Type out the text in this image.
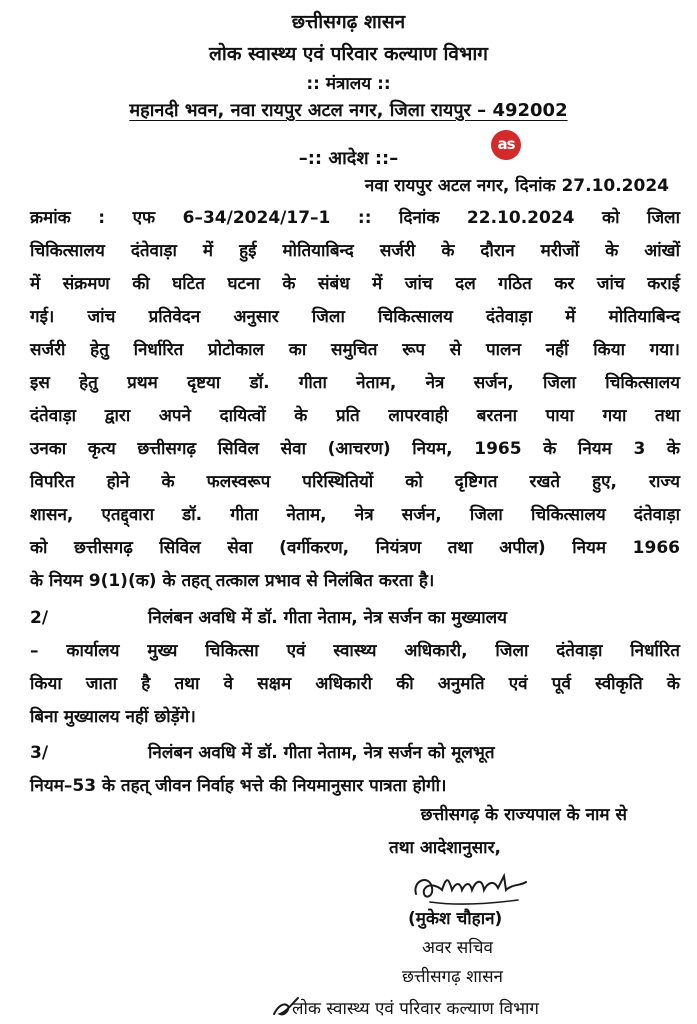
छत्तीसगढ़ शासन
लोक स्वास्थ्य एवं परिवार कल्याण विभाग
:: मंत्रालय ::
महानदी भवन, नवा रायपुर अटल नगर, जिला रायपुर – 492002
as
–:: आदेश ::–
नवा रायपुर अटल नगर, दिनांक 27.10.2024
क्रमांक : एफ 6–34/2024/17–1 :: दिनांक 22.10.2024 को जिला
चिकित्सालय दंतेवाड़ा में हुई मोतियाबिन्द सर्जरी के दौरान मरीजों के आंखों
में संक्रमण की घटित घटना के संबंध में जांच दल गठित कर जांच कराई
गई। जांच प्रतिवेदन अनुसार जिला चिकित्सालय दंतेवाड़ा में मोतियाबिन्द
सर्जरी हेतु निर्धारित प्रोटोकाल का समुचित रूप से पालन नहीं किया गया।
इस हेतु प्रथम दृष्टया डॉ. गीता नेताम, नेत्र सर्जन, जिला चिकित्सालय
दंतेवाड़ा द्वारा अपने दायित्वों के प्रति लापरवाही बरतना पाया गया तथा
उनका कृत्य छत्तीसगढ़ सिविल सेवा (आचरण) नियम, 1965 के नियम 3 के
विपरित होने के फलस्वरूप परिस्थितियों को दृष्टिगत रखते हुए, राज्य
शासन, एतद्द्वारा डॉ. गीता नेताम, नेत्र सर्जन, जिला चिकित्सालय दंतेवाड़ा
को छत्तीसगढ़ सिविल सेवा (वर्गीकरण, नियंत्रण तथा अपील) नियम 1966
के नियम 9(1)(क) के तहत् तत्काल प्रभाव से निलंबित करता है।
2/	निलंबन अवधि में डॉ. गीता नेताम, नेत्र सर्जन का मुख्यालय
– कार्यालय मुख्य चिकित्सा एवं स्वास्थ्य अधिकारी, जिला दंतेवाड़ा निर्धारित
किया जाता है तथा वे सक्षम अधिकारी की अनुमति एवं पूर्व स्वीकृति के
बिना मुख्यालय नहीं छोड़ेंगे।
3/	निलंबन अवधि में डॉ. गीता नेताम, नेत्र सर्जन को मूलभूत
नियम–53 के तहत् जीवन निर्वाह भत्ते की नियमानुसार पात्रता होगी।
छत्तीसगढ़ के राज्यपाल के नाम से
तथा आदेशानुसार,
(मुकेश चौहान)
अवर सचिव
छत्तीसगढ़ शासन
लोक स्वास्थ्य एवं परिवार कल्याण विभाग
